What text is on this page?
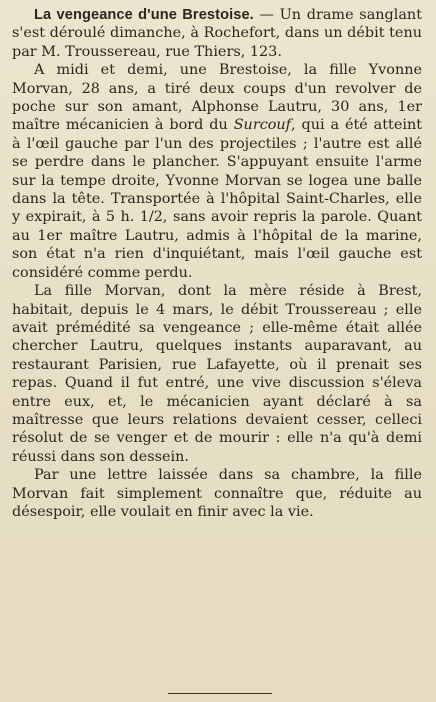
La vengeance d'une Brestoise. — Un drame sanglant s'est déroulé dimanche, à Rochefort, dans un débit tenu par M. Troussereau, rue Thiers, 123.

A midi et demi, une Brestoise, la fille Yvonne Morvan, 28 ans, a tiré deux coups d'un revolver de poche sur son amant, Alphonse Lautru, 30 ans, 1er maître mécanicien à bord du Surcouf, qui a été atteint à l'œil gauche par l'un des projectiles ; l'autre est allé se perdre dans le plancher. S'appuyant ensuite l'arme sur la tempe droite, Yvonne Morvan se logea une balle dans la tête. Transportée à l'hôpital Saint-Charles, elle y expirait, à 5 h. 1/2, sans avoir repris la parole. Quant au 1er maître Lautru, admis à l'hôpital de la marine, son état n'a rien d'inquiétant, mais l'œil gauche est considéré comme perdu.

La fille Morvan, dont la mère réside à Brest, habitait, depuis le 4 mars, le débit Troussereau ; elle avait prémédité sa vengeance ; elle-même était allée chercher Lautru, quelques instants auparavant, au restaurant Parisien, rue Lafayette, où il prenait ses repas. Quand il fut entré, une vive discussion s'éleva entre eux, et, le mécanicien ayant déclaré à sa maîtresse que leurs relations devaient cesser, celleci résolut de se venger et de mourir : elle n'a qu'à demi réussi dans son dessein.

Par une lettre laissée dans sa chambre, la fille Morvan fait simplement connaître que, réduite au désespoir, elle voulait en finir avec la vie.
